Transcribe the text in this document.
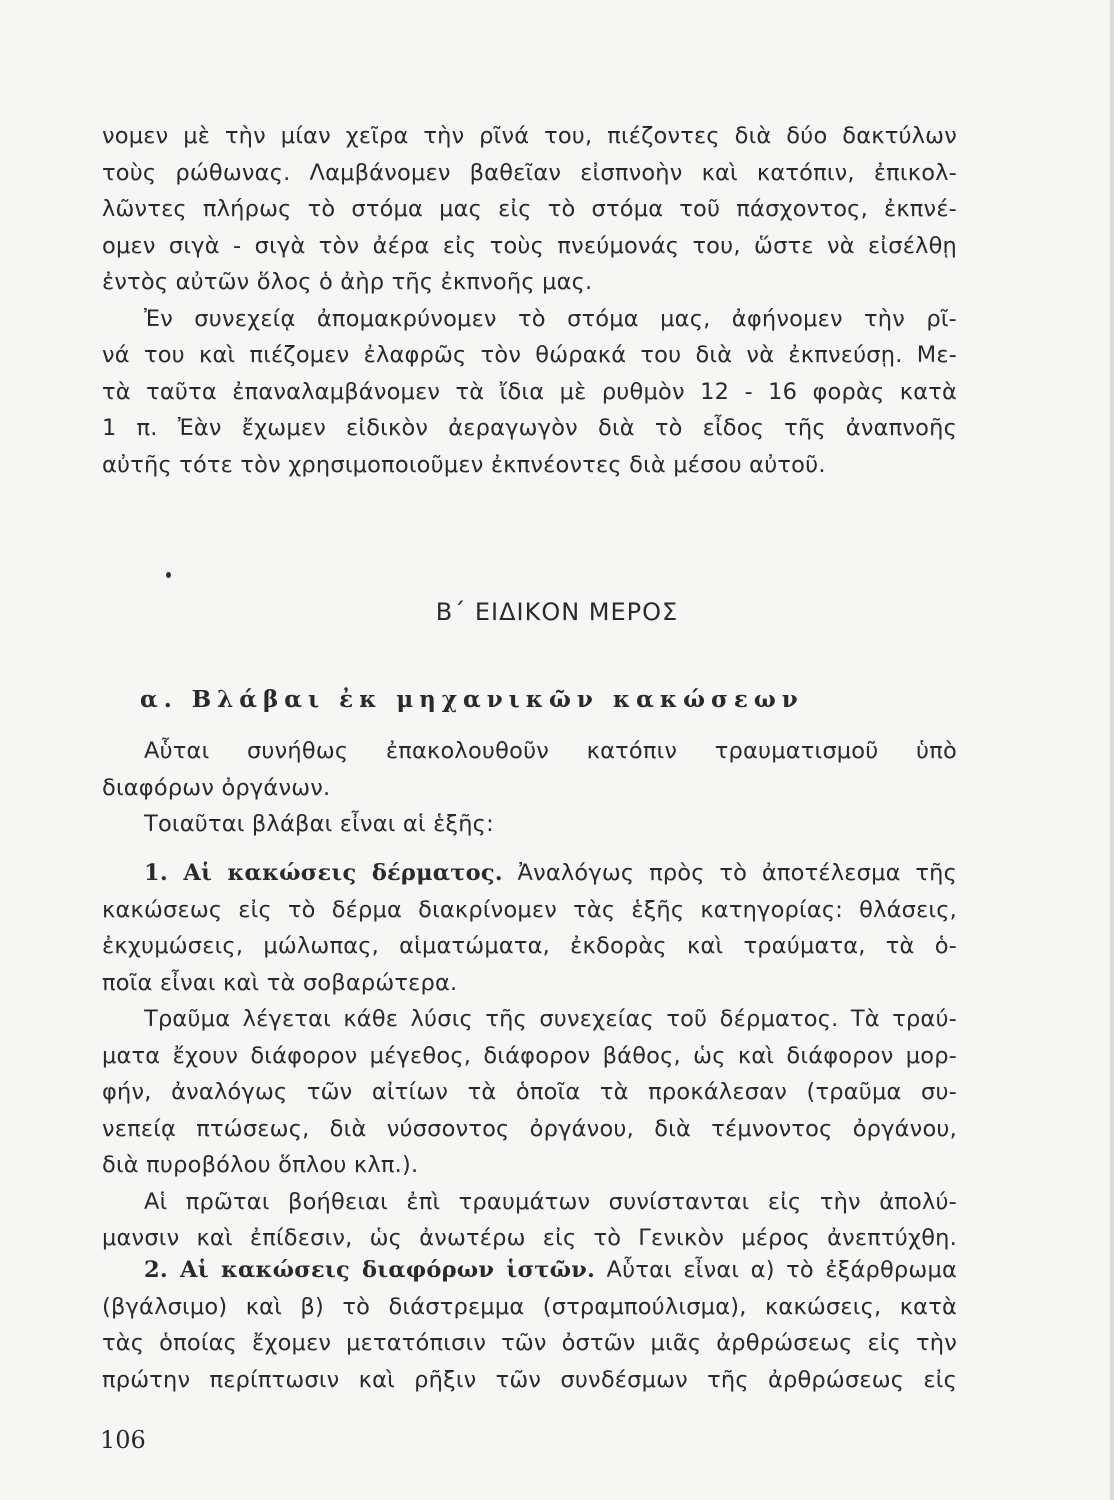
νομεν μὲ τὴν μίαν χεῖρα τὴν ρῖνά του, πιέζοντες διὰ δύο δακτύλων
τοὺς ρώθωνας. Λαμβάνομεν βαθεῖαν εἰσπνοὴν καὶ κατόπιν, ἐπικολ-
λῶντες πλήρως τὸ στόμα μας εἰς τὸ στόμα τοῦ πάσχοντος, ἐκπνέ-
ομεν σιγὰ - σιγὰ τὸν ἀέρα εἰς τοὺς πνεύμονάς του, ὥστε νὰ εἰσέλθῃ
ἐντὸς αὐτῶν ὅλος ὁ ἀὴρ τῆς ἐκπνοῆς μας.
Ἐν συνεχείᾳ ἀπομακρύνομεν τὸ στόμα μας, ἀφήνομεν τὴν ρῖ-
νά του καὶ πιέζομεν ἐλαφρῶς τὸν θώρακά του διὰ νὰ ἐκπνεύσῃ. Με-
τὰ ταῦτα ἐπαναλαμβάνομεν τὰ ἴδια μὲ ρυθμὸν 12 - 16 φορὰς κατὰ
1 π. Ἐὰν ἔχωμεν εἰδικὸν ἀεραγωγὸν διὰ τὸ εἶδος τῆς ἀναπνοῆς
αὐτῆς τότε τὸν χρησιμοποιοῦμεν ἐκπνέοντες διὰ μέσου αὐτοῦ.
Β΄ ΕΙΔΙΚΟΝ ΜΕΡΟΣ
α. Βλάβαι ἐκ μηχανικῶν κακώσεων
Αὗται συνήθως ἐπακολουθοῦν κατόπιν τραυματισμοῦ ὑπὸ
διαφόρων ὀργάνων.
Τοιαῦται βλάβαι εἶναι αἱ ἑξῆς:
1. Αἱ κακώσεις δέρματος. Ἀναλόγως πρὸς τὸ ἀποτέλεσμα τῆς
κακώσεως εἰς τὸ δέρμα διακρίνομεν τὰς ἑξῆς κατηγορίας: θλάσεις,
ἐκχυμώσεις, μώλωπας, αἱματώματα, ἐκδορὰς καὶ τραύματα, τὰ ὁ-
ποῖα εἶναι καὶ τὰ σοβαρώτερα.
Τραῦμα λέγεται κάθε λύσις τῆς συνεχείας τοῦ δέρματος. Τὰ τραύ-
ματα ἔχουν διάφορον μέγεθος, διάφορον βάθος, ὡς καὶ διάφορον μορ-
φήν, ἀναλόγως τῶν αἰτίων τὰ ὁποῖα τὰ προκάλεσαν (τραῦμα συ-
νεπείᾳ πτώσεως, διὰ νύσσοντος ὀργάνου, διὰ τέμνοντος ὀργάνου,
διὰ πυροβόλου ὅπλου κλπ.).
Αἱ πρῶται βοήθειαι ἐπὶ τραυμάτων συνίστανται εἰς τὴν ἀπολύ-
μανσιν καὶ ἐπίδεσιν, ὡς ἀνωτέρω εἰς τὸ Γενικὸν μέρος ἀνεπτύχθη.
2. Αἱ κακώσεις διαφόρων ἱστῶν. Αὗται εἶναι α) τὸ ἐξάρθρωμα
(βγάλσιμο) καὶ β) τὸ διάστρεμμα (στραμπούλισμα), κακώσεις, κατὰ
τὰς ὁποίας ἔχομεν μετατόπισιν τῶν ὀστῶν μιᾶς ἀρθρώσεως εἰς τὴν
πρώτην περίπτωσιν καὶ ρῆξιν τῶν συνδέσμων τῆς ἀρθρώσεως εἰς
106
